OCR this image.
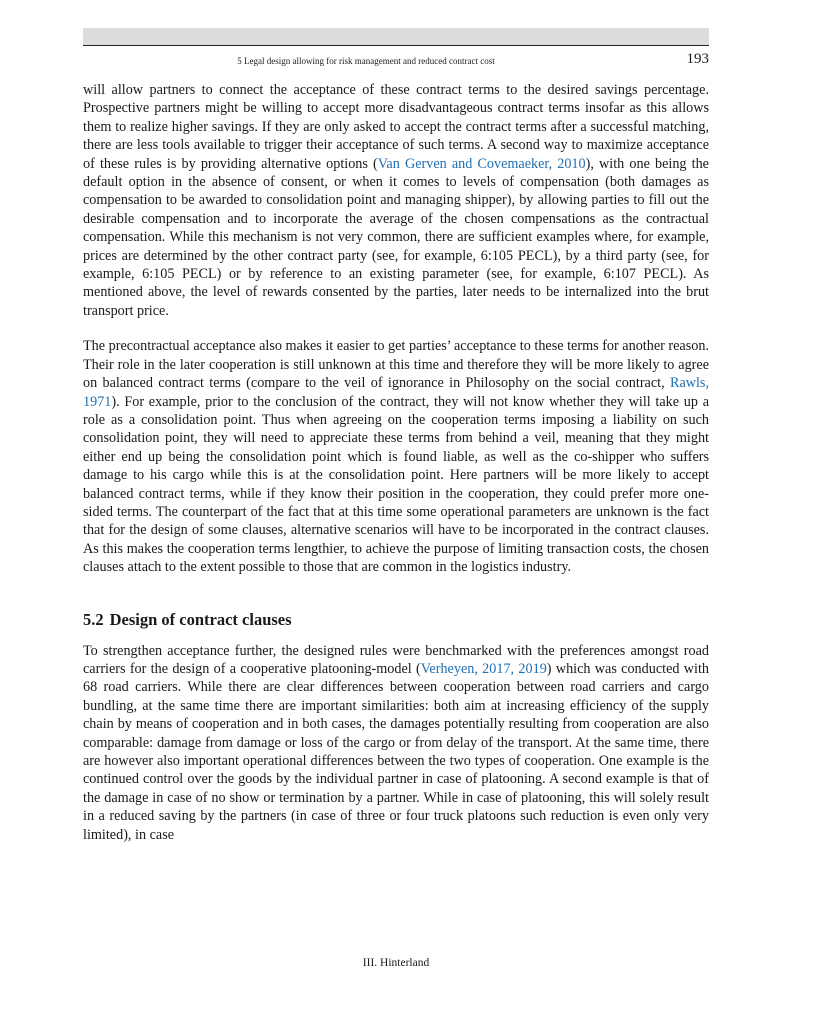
5 Legal design allowing for risk management and reduced contract cost	193

will allow partners to connect the acceptance of these contract terms to the desired savings percentage. Prospective partners might be willing to accept more disadvantageous contract terms insofar as this allows them to realize higher savings. If they are only asked to accept the contract terms after a successful matching, there are less tools available to trigger their acceptance of such terms. A second way to maximize acceptance of these rules is by providing alternative options (Van Gerven and Covemaeker, 2010), with one being the default option in the absence of consent, or when it comes to levels of compensation (both damages as compensation to be awarded to consolidation point and managing shipper), by allowing parties to fill out the desirable compensation and to incorporate the average of the chosen compensations as the contractual compensation. While this mechanism is not very common, there are sufficient examples where, for example, prices are determined by the other contract party (see, for example, 6:105 PECL), by a third party (see, for example, 6:105 PECL) or by reference to an existing parameter (see, for example, 6:107 PECL). As mentioned above, the level of rewards consented by the parties, later needs to be internalized into the brut transport price.

The precontractual acceptance also makes it easier to get parties’ acceptance to these terms for another reason. Their role in the later cooperation is still unknown at this time and therefore they will be more likely to agree on balanced contract terms (compare to the veil of ignorance in Philosophy on the social contract, Rawls, 1971). For example, prior to the conclusion of the contract, they will not know whether they will take up a role as a consolidation point. Thus when agreeing on the cooperation terms imposing a liability on such consolidation point, they will need to appreciate these terms from behind a veil, meaning that they might either end up being the consolidation point which is found liable, as well as the co-shipper who suffers damage to his cargo while this is at the consolidation point. Here partners will be more likely to accept balanced contract terms, while if they know their position in the cooperation, they could prefer more one-sided terms. The counterpart of the fact that at this time some operational parameters are unknown is the fact that for the design of some clauses, alternative scenarios will have to be incorporated in the contract clauses. As this makes the cooperation terms lengthier, to achieve the purpose of limiting transaction costs, the chosen clauses attach to the extent possible to those that are common in the logistics industry.

5.2 Design of contract clauses

To strengthen acceptance further, the designed rules were benchmarked with the preferences amongst road carriers for the design of a cooperative platooning-model (Verheyen, 2017, 2019) which was conducted with 68 road carriers. While there are clear differences between cooperation between road carriers and cargo bundling, at the same time there are important similarities: both aim at increasing efficiency of the supply chain by means of cooperation and in both cases, the damages potentially resulting from cooperation are also comparable: damage from damage or loss of the cargo or from delay of the transport. At the same time, there are however also important operational differences between the two types of cooperation. One example is the continued control over the goods by the individual partner in case of platooning. A second example is that of the damage in case of no show or termination by a partner. While in case of platooning, this will solely result in a reduced saving by the partners (in case of three or four truck platoons such reduction is even only very limited), in case

III. Hinterland
